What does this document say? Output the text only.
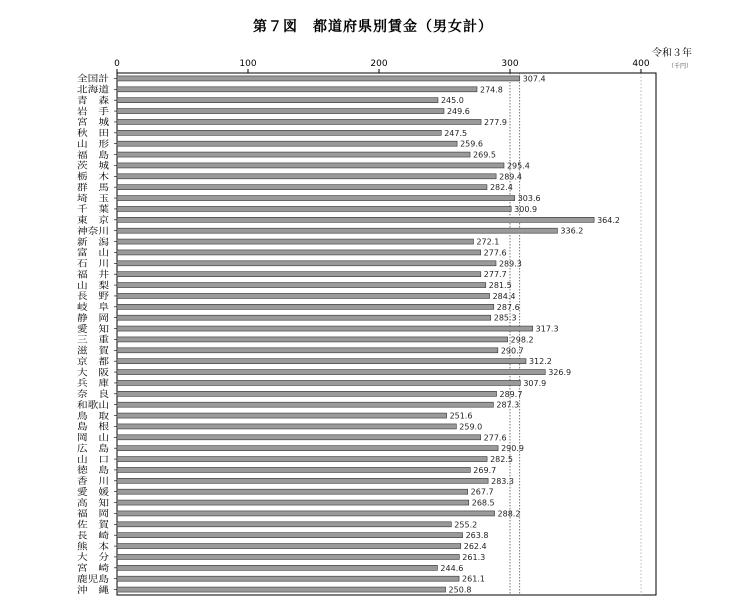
第７図　都道府県別賃金（男女計）
令和３年
（千円）
0	100	200	300	400
全国計	307.4
北海道	274.8
青　森	245.0
岩　手	249.6
宮　城	277.9
秋　田	247.5
山　形	259.6
福　島	269.5
茨　城	295.4
栃　木	289.4
群　馬	282.4
埼　玉	303.6
千　葉	300.9
東　京	364.2
神奈川	336.2
新　潟	272.1
富　山	277.6
石　川	289.3
福　井	277.7
山　梨	281.5
長　野	284.4
岐　阜	287.6
静　岡	285.3
愛　知	317.3
三　重	298.2
滋　賀	290.7
京　都	312.2
大　阪	326.9
兵　庫	307.9
奈　良	289.7
和歌山	287.3
鳥　取	251.6
島　根	259.0
岡　山	277.6
広　島	290.9
山　口	282.5
徳　島	269.7
香　川	283.3
愛　媛	267.7
高　知	268.5
福　岡	288.2
佐　賀	255.2
長　崎	263.8
熊　本	262.4
大　分	261.3
宮　崎	244.6
鹿児島	261.1
沖　縄	250.8
